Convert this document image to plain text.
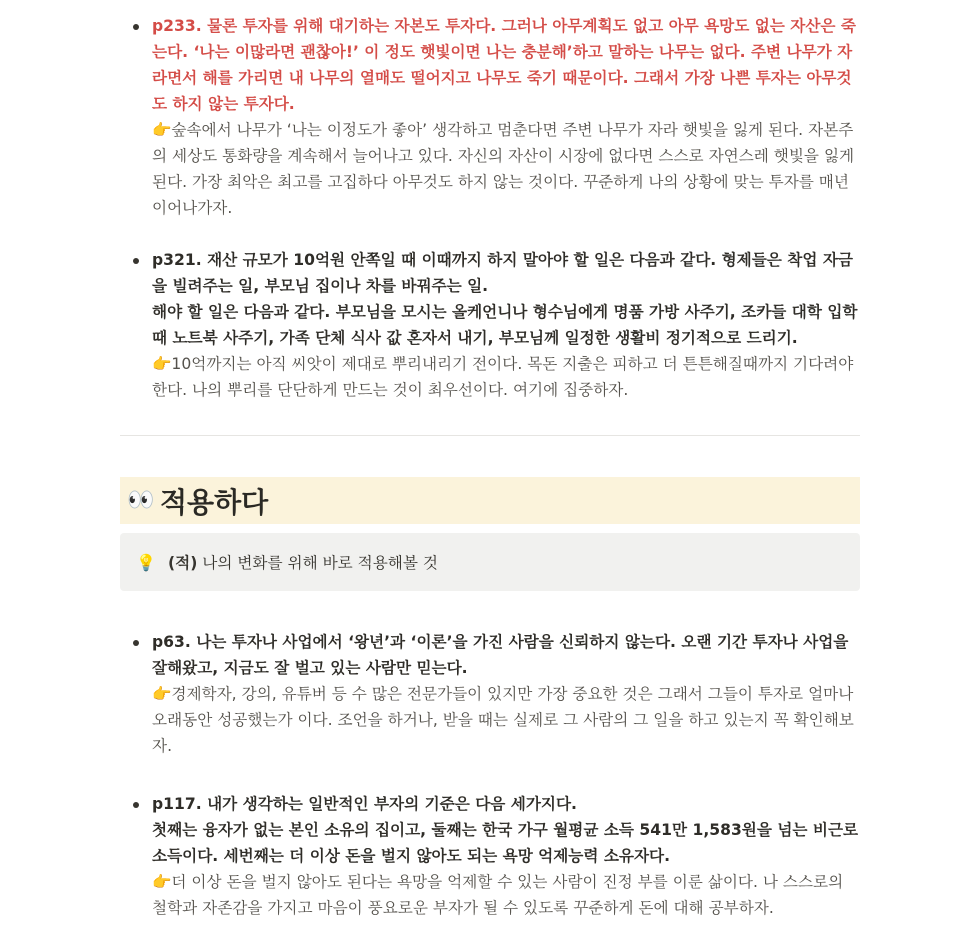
p233. 물론 투자를 위해 대기하는 자본도 투자다. 그러나 아무계획도 없고 아무 욕망도 없는 자산은 죽는다. ‘나는 이많라면 괜찮아!’ 이 정도 햇빛이면 나는 충분해’하고 말하는 나무는 없다. 주변 나무가 자라면서 해를 가리면 내 나무의 열매도 떨어지고 나무도 죽기 때문이다. 그래서 가장 나쁜 투자는 아무것도 하지 않는 투자다.
👉숲속에서 나무가 ‘나는 이정도가 좋아’ 생각하고 멈춘다면 주변 나무가 자라 햇빛을 잃게 된다. 자본주의 세상도 통화량을 계속해서 늘어나고 있다. 자신의 자산이 시장에 없다면 스스로 자연스레 햇빛을 잃게 된다. 가장 최악은 최고를 고집하다 아무것도 하지 않는 것이다. 꾸준하게 나의 상황에 맞는 투자를 매년 이어나가자.
p321. 재산 규모가 10억원 안쪽일 때 이때까지 하지 말아야 할 일은 다음과 같다. 형제들은 착업 자금을 빌려주는 일, 부모님 집이나 차를 바꿔주는 일.
해야 할 일은 다음과 같다. 부모님을 모시는 올케언니나 형수님에게 명품 가방 사주기, 조카들 대학 입학 때 노트북 사주기, 가족 단체 식사 값 혼자서 내기, 부모님께 일정한 생활비 정기적으로 드리기.
👉10억까지는 아직 씨앗이 제대로 뿌리내리기 전이다. 목돈 지출은 피하고 더 튼튼해질때까지 기다려야 한다. 나의 뿌리를 단단하게 만드는 것이 최우선이다. 여기에 집중하자.
👀 적용하다
💡 (적) 나의 변화를 위해 바로 적용해볼 것
p63. 나는 투자나 사업에서 ‘왕년’과 ‘이론’을 가진 사람을 신뢰하지 않는다. 오랜 기간 투자나 사업을 잘해왔고, 지금도 잘 벌고 있는 사람만 믿는다.
👉경제학자, 강의, 유튜버 등 수 많은 전문가들이 있지만 가장 중요한 것은 그래서 그들이 투자로 얼마나 오래동안 성공했는가 이다. 조언을 하거나, 받을 때는 실제로 그 사람의 그 일을 하고 있는지 꼭 확인해보자.
p117. 내가 생각하는 일반적인 부자의 기준은 다음 세가지다.
첫째는 융자가 없는 본인 소유의 집이고, 둘째는 한국 가구 월평균 소득 541만 1,583원을 넘는 비근로 소득이다. 세번째는 더 이상 돈을 벌지 않아도 되는 욕망 억제능력 소유자다.
👉더 이상 돈을 벌지 않아도 된다는 욕망을 억제할 수 있는 사람이 진정 부를 이룬 삶이다. 나 스스로의 철학과 자존감을 가지고 마음이 풍요로운 부자가 될 수 있도록 꾸준하게 돈에 대해 공부하자.
